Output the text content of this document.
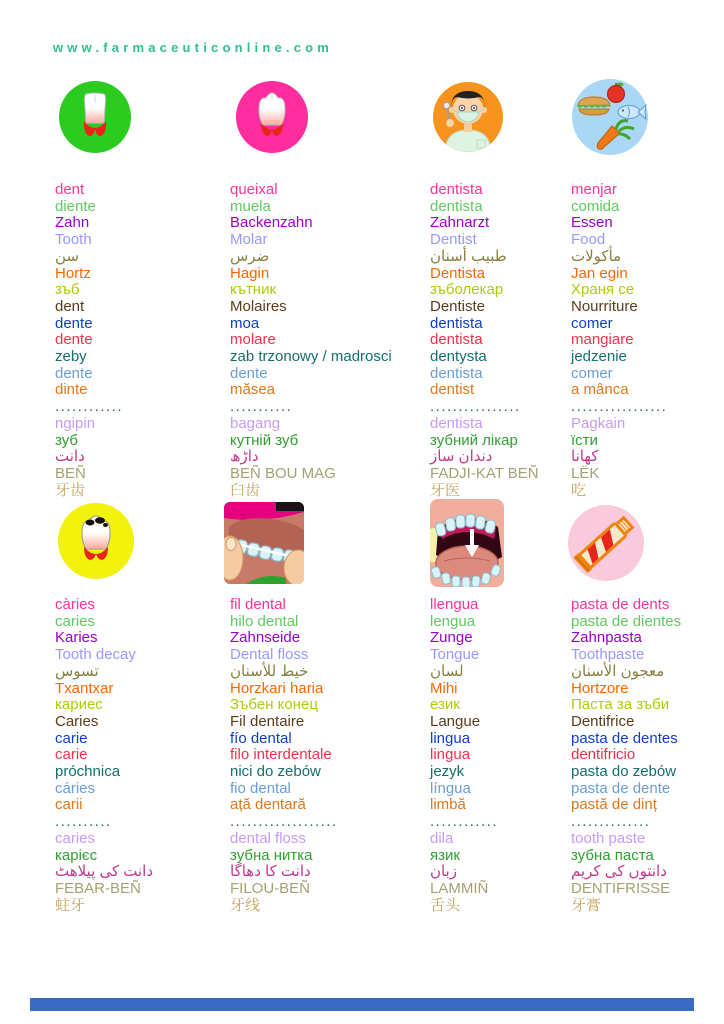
www.farmaceuticonline.com
dent
diente
Zahn
Tooth
سن
Hortz
зъб
dent
dente
dente
zeby
dente
dinte
............
ngipin
зуб
دانت
BEÑ
牙齿
queixal
muela
Backenzahn
Molar
ضرس
Hagin
кътник
Molaires
moa
molare
zab trzonowy / madrosci
dente
măsea
...........
bagang
кутній зуб
داڑھ
BEÑ BOU MAG
臼齿
dentista
dentista
Zahnarzt
Dentist
طبيب أسنان
Dentista
зъболекар
Dentiste
dentista
dentista
dentysta
dentista
dentist
................
dentista
зубний лікар
دندان ساز
FADJI-KAT BEÑ
牙医
menjar
comida
Essen
Food
مأكولات
Jan egin
Храня се
Nourriture
comer
mangiare
jedzenie
comer
a mânca
.................
Pagkain
їсти
کھانا
LËK
吃
càries
caries
Karies
Tooth decay
تسوس
Txantxar
кариес
Caries
carie
carie
próchnica
cáries
carii
..........
caries
карієс
دانت کی پیلاھٹ
FEBAR-BEÑ
蛀牙
fil dental
hilo dental
Zahnseide
Dental floss
خيط للأسنان
Horzkari haria
Зъбен конец
Fil dentaire
fío dental
filo interdentale
nici do zebów
fio dental
ață dentară
...................
dental floss
зубна нитка
دانت کا دھاگا
FILOU-BEÑ
牙线
llengua
lengua
Zunge
Tongue
لسان
Mihi
език
Langue
lingua
lingua
jezyk
língua
limbă
............
dila
язик
زبان
LAMMIÑ
舌头
pasta de dents
pasta de dientes
Zahnpasta
Toothpaste
معجون الأسنان
Hortzore
Паста за зъби
Dentifrice
pasta de dentes
dentifricio
pasta do zebów
pasta de dente
pastă de dinț
..............
tooth paste
зубна паста
دانتوں کی کریم
DENTIFRISSE
牙膏
